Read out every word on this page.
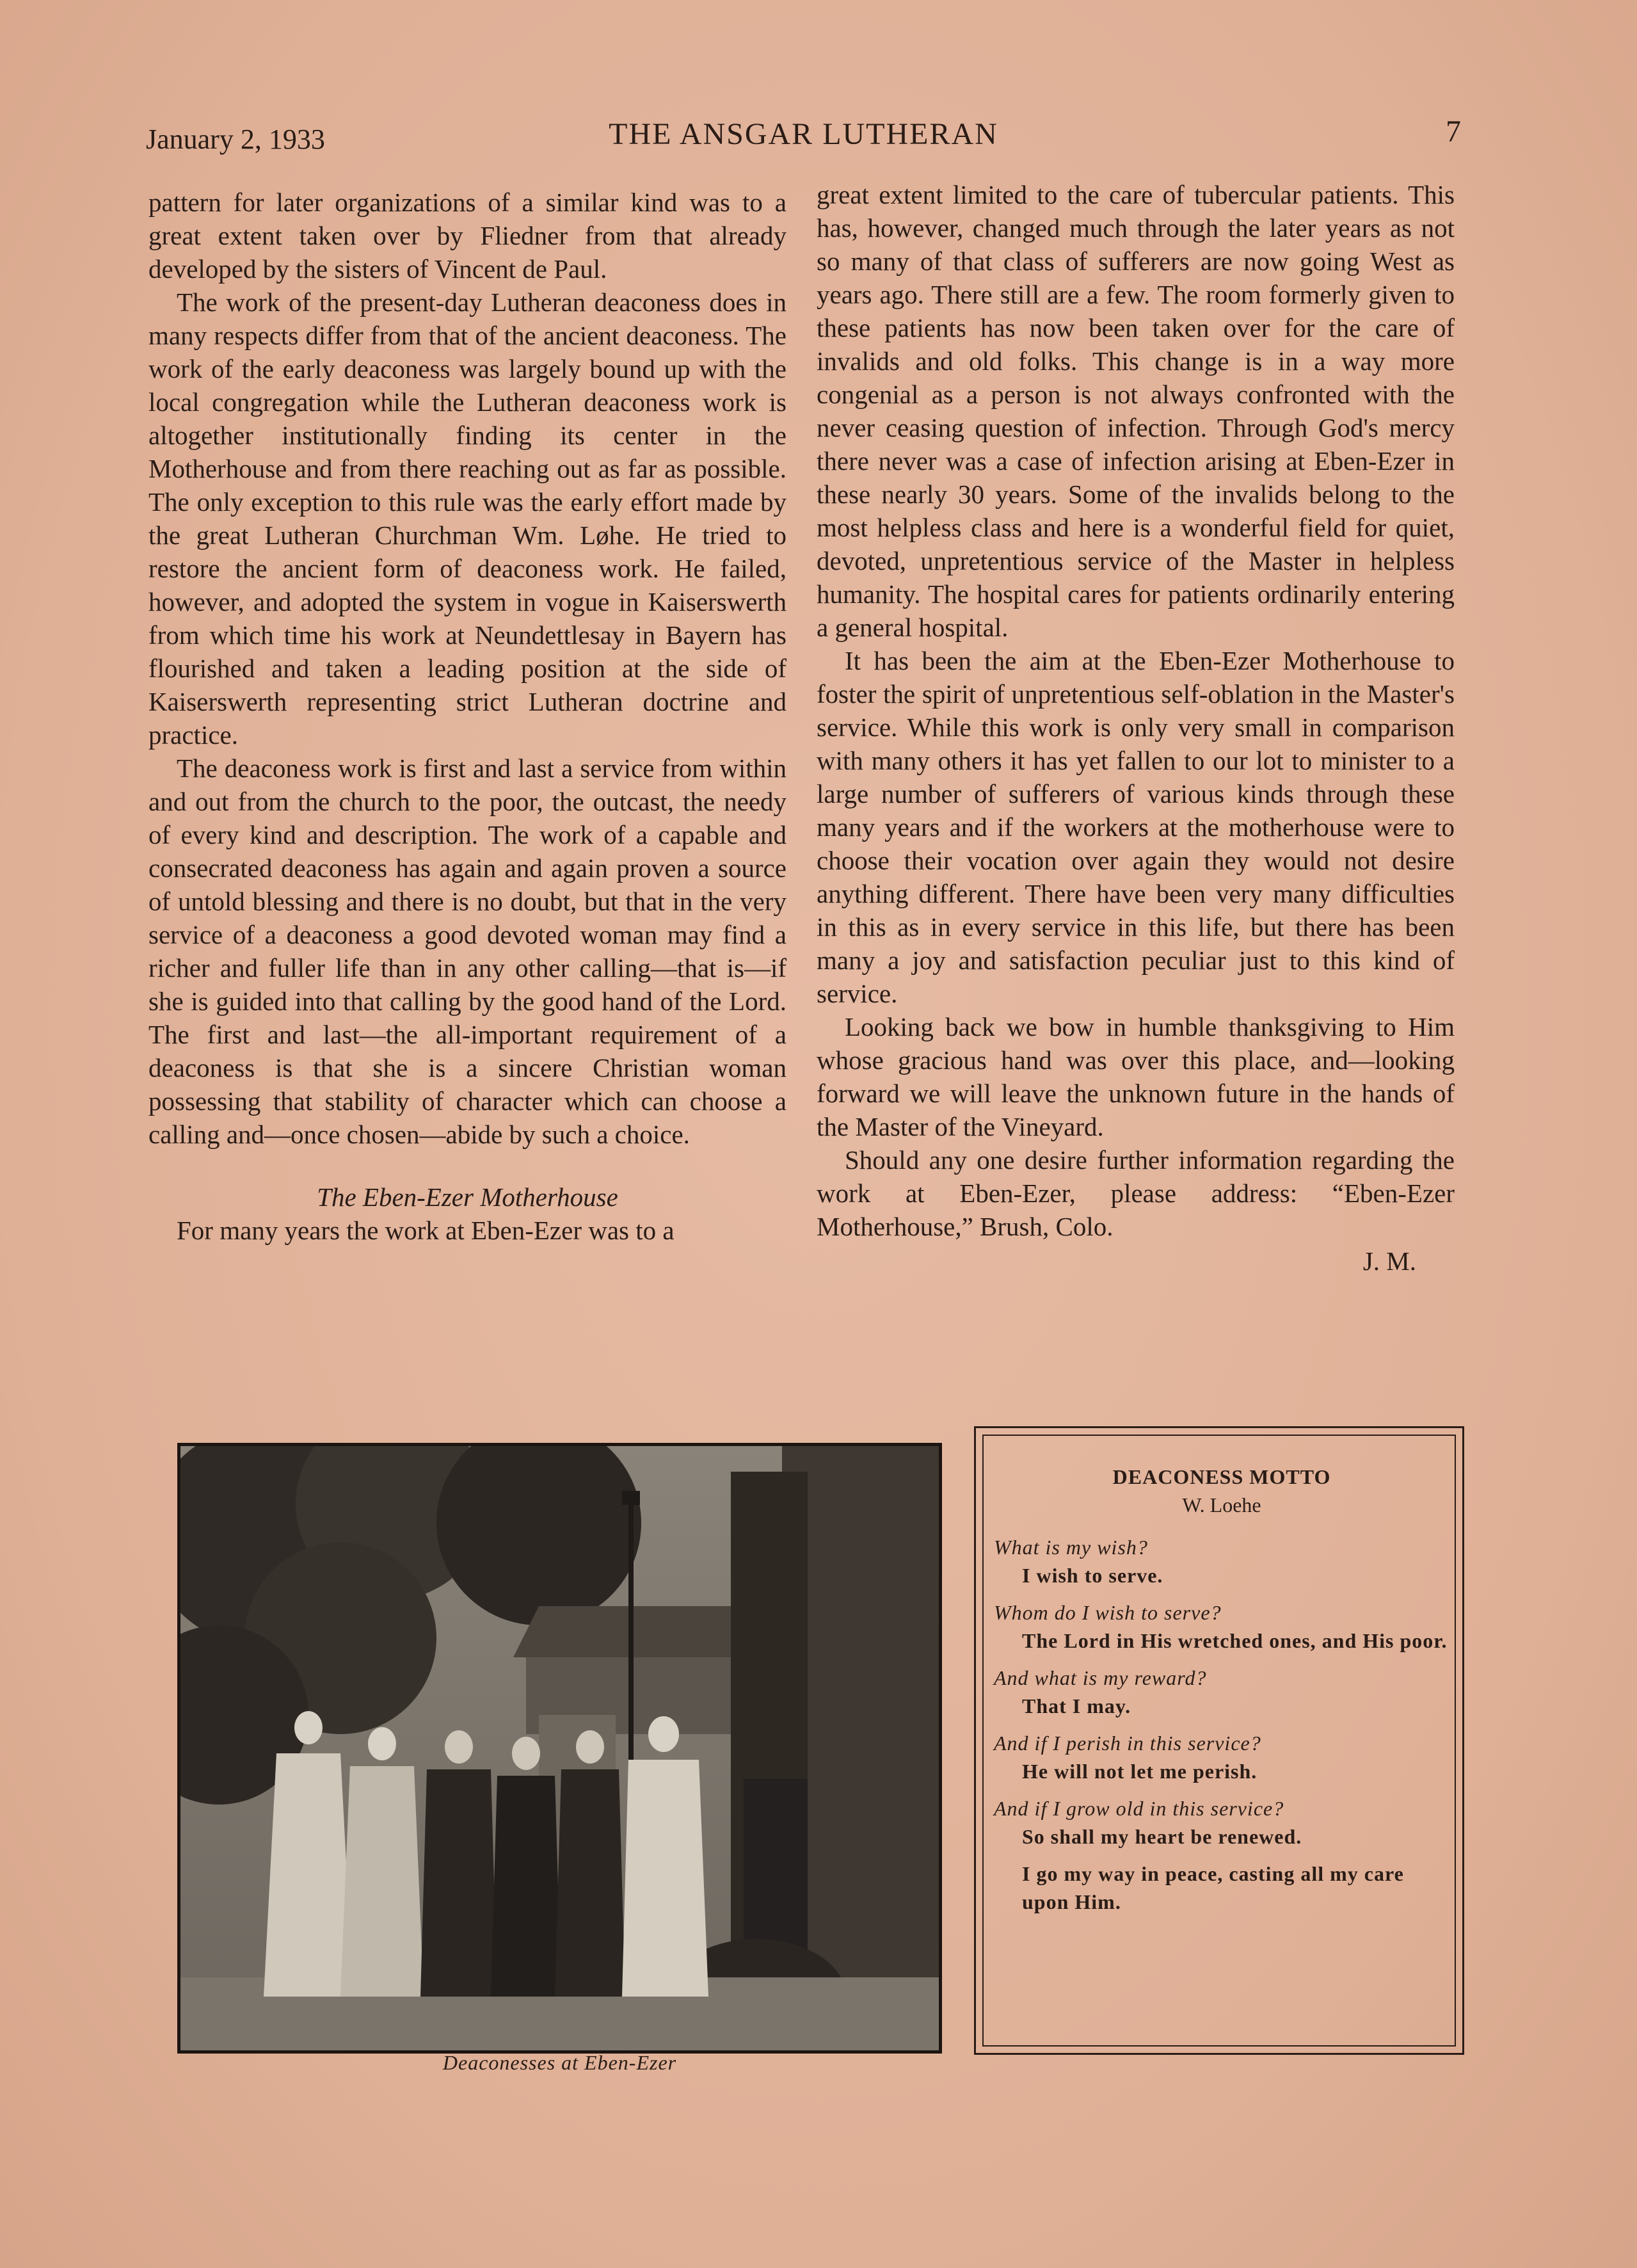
January 2, 1933	THE ANSGAR LUTHERAN	7

pattern for later organizations of a similar kind was to a great extent taken over by Fliedner from that already developed by the sisters of Vincent de Paul.

The work of the present-day Lutheran deaconess does in many respects differ from that of the ancient deaconess. The work of the early deaconess was largely bound up with the local congregation while the Lutheran deaconess work is altogether institutionally finding its center in the Motherhouse and from there reaching out as far as possible. The only exception to this rule was the early effort made by the great Lutheran Churchman Wm. Løhe. He tried to restore the ancient form of deaconess work. He failed, however, and adopted the system in vogue in Kaiserswerth from which time his work at Neundettlesay in Bayern has flourished and taken a leading position at the side of Kaiserswerth representing strict Lutheran doctrine and practice.

The deaconess work is first and last a service from within and out from the church to the poor, the outcast, the needy of every kind and description. The work of a capable and consecrated deaconess has again and again proven a source of untold blessing and there is no doubt, but that in the very service of a deaconess a good devoted woman may find a richer and fuller life than in any other calling—that is—if she is guided into that calling by the good hand of the Lord. The first and last—the all-important requirement of a deaconess is that she is a sincere Christian woman possessing that stability of character which can choose a calling and—once chosen—abide by such a choice.

The Eben-Ezer Motherhouse

For many years the work at Eben-Ezer was to a

great extent limited to the care of tubercular patients. This has, however, changed much through the later years as not so many of that class of sufferers are now going West as years ago. There still are a few. The room formerly given to these patients has now been taken over for the care of invalids and old folks. This change is in a way more congenial as a person is not always confronted with the never ceasing question of infection. Through God's mercy there never was a case of infection arising at Eben-Ezer in these nearly 30 years. Some of the invalids belong to the most helpless class and here is a wonderful field for quiet, devoted, unpretentious service of the Master in helpless humanity. The hospital cares for patients ordinarily entering a general hospital.

It has been the aim at the Eben-Ezer Motherhouse to foster the spirit of unpretentious self-oblation in the Master's service. While this work is only very small in comparison with many others it has yet fallen to our lot to minister to a large number of sufferers of various kinds through these many years and if the workers at the motherhouse were to choose their vocation over again they would not desire anything different. There have been very many difficulties in this as in every service in this life, but there has been many a joy and satisfaction peculiar just to this kind of service.

Looking back we bow in humble thanksgiving to Him whose gracious hand was over this place, and—looking forward we will leave the unknown future in the hands of the Master of the Vineyard.

Should any one desire further information regarding the work at Eben-Ezer, please address: “Eben-Ezer Motherhouse,” Brush, Colo.

J. M.

Deaconesses at Eben-Ezer
DEACONESS MOTTO
W. Loehe
What is my wish?
I wish to serve.
Whom do I wish to serve?
The Lord in His wretched ones, and His poor.
And what is my reward?
That I may.
And if I perish in this service?
He will not let me perish.
And if I grow old in this service?
So shall my heart be renewed.
I go my way in peace, casting all my care upon Him.
